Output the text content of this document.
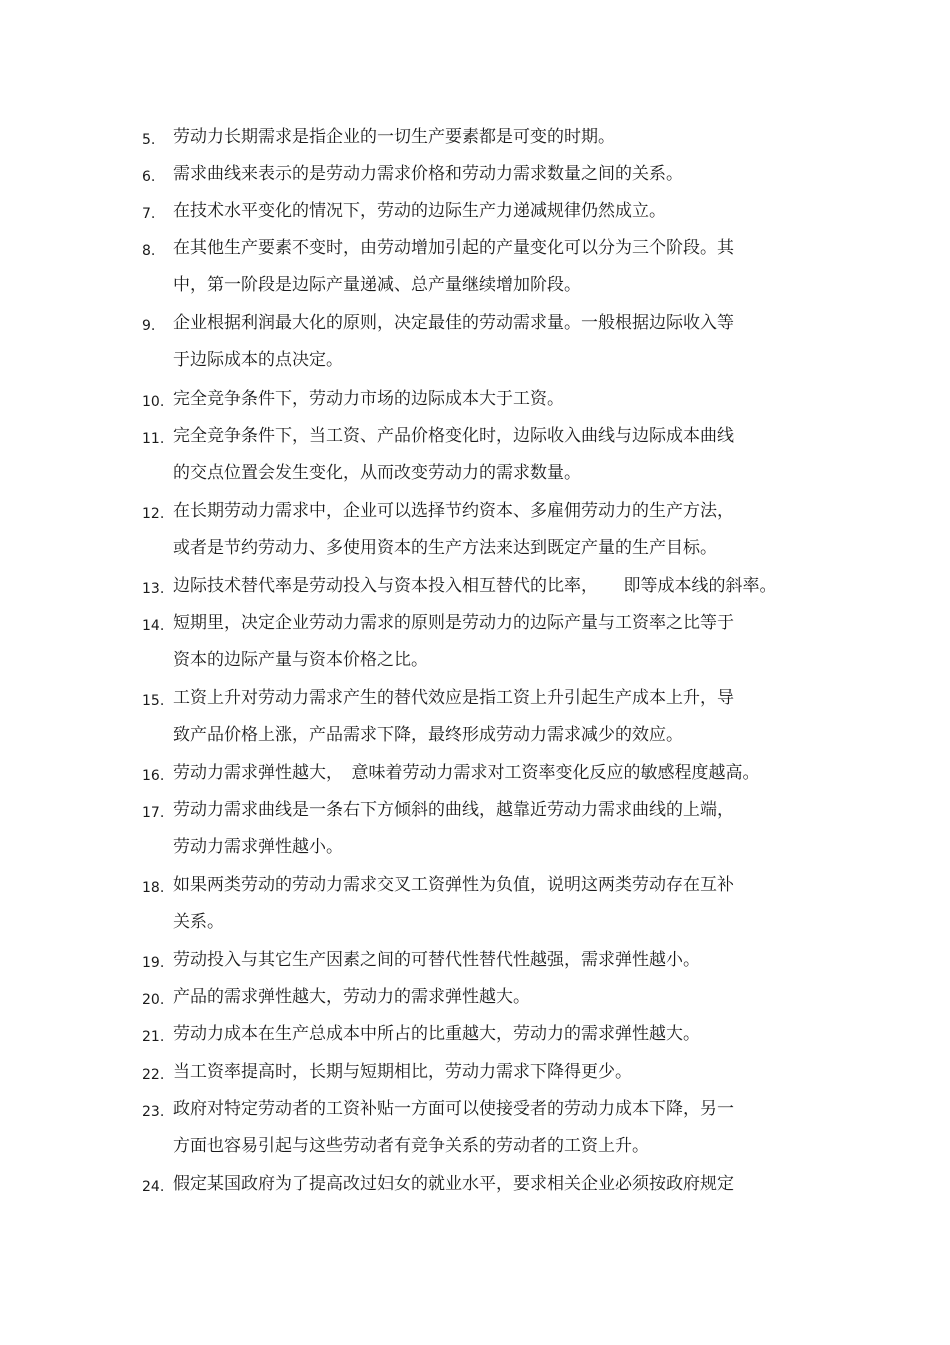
5. 劳动力长期需求是指企业的一切生产要素都是可变的时期。
6. 需求曲线来表示的是劳动力需求价格和劳动力需求数量之间的关系。
7. 在技术水平变化的情况下，劳动的边际生产力递减规律仍然成立。
8. 在其他生产要素不变时，由劳动增加引起的产量变化可以分为三个阶段。其
中，第一阶段是边际产量递减、总产量继续增加阶段。
9. 企业根据利润最大化的原则，决定最佳的劳动需求量。一般根据边际收入等
于边际成本的点决定。
10. 完全竞争条件下，劳动力市场的边际成本大于工资。
11. 完全竞争条件下，当工资、产品价格变化时，边际收入曲线与边际成本曲线
的交点位置会发生变化，从而改变劳动力的需求数量。
12. 在长期劳动力需求中，企业可以选择节约资本、多雇佣劳动力的生产方法，
或者是节约劳动力、多使用资本的生产方法来达到既定产量的生产目标。
13. 边际技术替代率是劳动投入与资本投入相互替代的比率，　　即等成本线的斜率。
14. 短期里，决定企业劳动力需求的原则是劳动力的边际产量与工资率之比等于
资本的边际产量与资本价格之比。
15. 工资上升对劳动力需求产生的替代效应是指工资上升引起生产成本上升，导
致产品价格上涨，产品需求下降，最终形成劳动力需求减少的效应。
16. 劳动力需求弹性越大，　意味着劳动力需求对工资率变化反应的敏感程度越高。
17. 劳动力需求曲线是一条右下方倾斜的曲线，越靠近劳动力需求曲线的上端，
劳动力需求弹性越小。
18. 如果两类劳动的劳动力需求交叉工资弹性为负值，说明这两类劳动存在互补
关系。
19. 劳动投入与其它生产因素之间的可替代性替代性越强，需求弹性越小。
20. 产品的需求弹性越大，劳动力的需求弹性越大。
21. 劳动力成本在生产总成本中所占的比重越大，劳动力的需求弹性越大。
22. 当工资率提高时，长期与短期相比，劳动力需求下降得更少。
23. 政府对特定劳动者的工资补贴一方面可以使接受者的劳动力成本下降，另一
方面也容易引起与这些劳动者有竞争关系的劳动者的工资上升。
24. 假定某国政府为了提高改过妇女的就业水平，要求相关企业必须按政府规定
